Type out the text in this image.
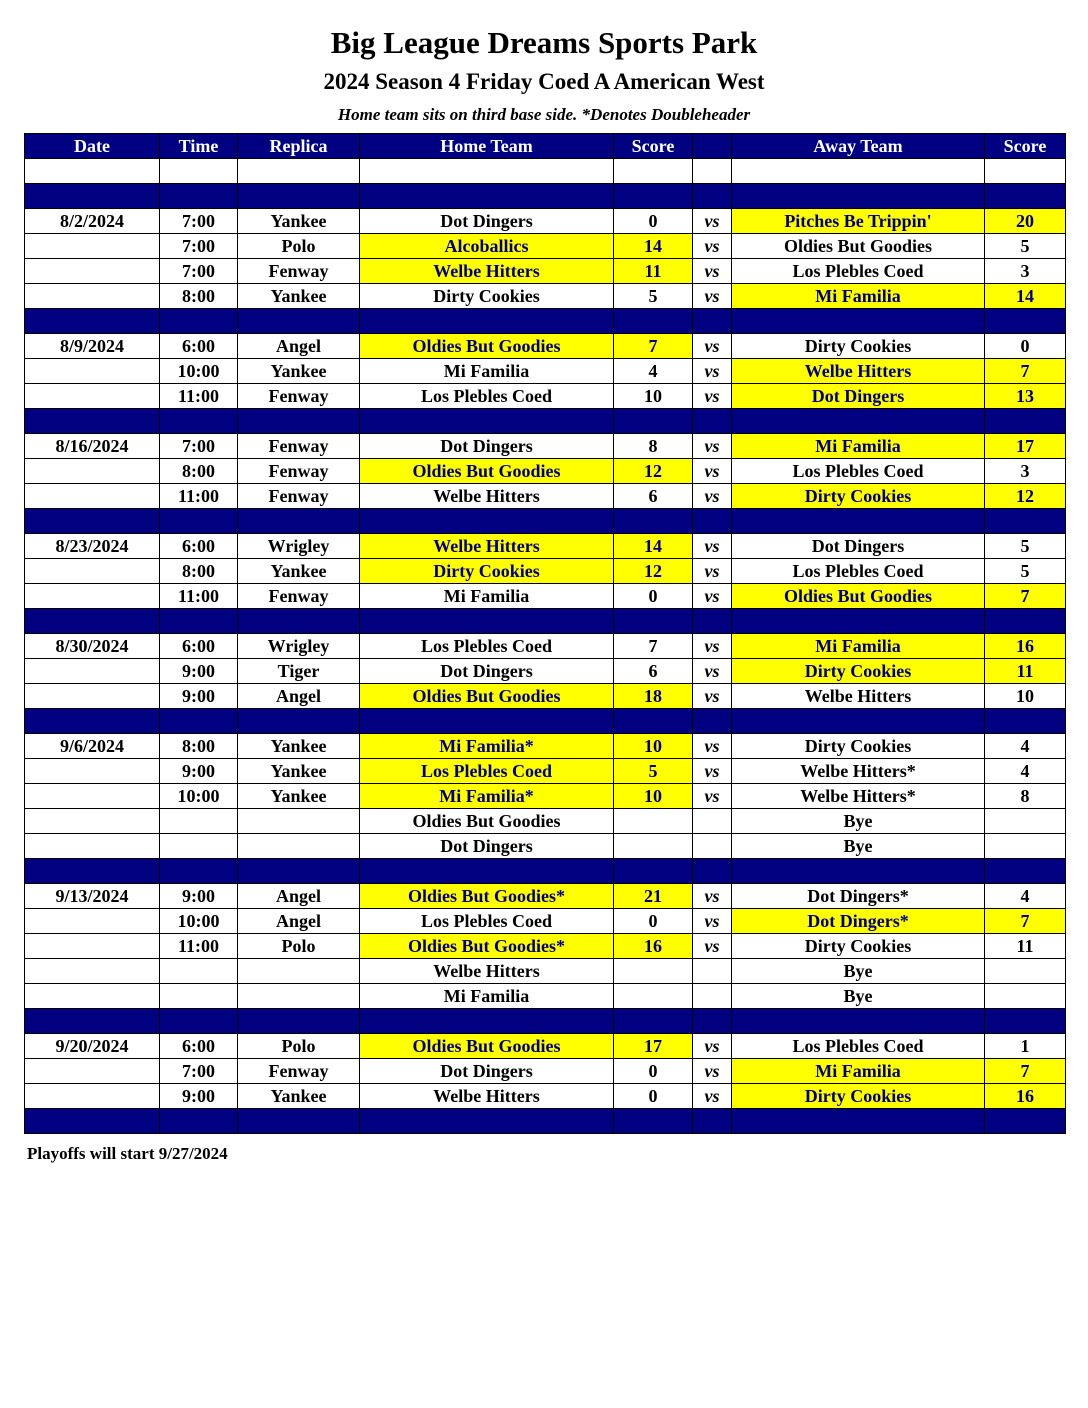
Big League Dreams Sports Park
2024 Season 4 Friday Coed A American West
Home team sits on third base side. *Denotes Doubleheader
Date	Time	Replica	Home Team	Score		Away Team	Score

8/2/2024	7:00	Yankee	Dot Dingers	0	vs	Pitches Be Trippin'	20
	7:00	Polo	Alcoballics	14	vs	Oldies But Goodies	5
	7:00	Fenway	Welbe Hitters	11	vs	Los Plebles Coed	3
	8:00	Yankee	Dirty Cookies	5	vs	Mi Familia	14

8/9/2024	6:00	Angel	Oldies But Goodies	7	vs	Dirty Cookies	0
	10:00	Yankee	Mi Familia	4	vs	Welbe Hitters	7
	11:00	Fenway	Los Plebles Coed	10	vs	Dot Dingers	13

8/16/2024	7:00	Fenway	Dot Dingers	8	vs	Mi Familia	17
	8:00	Fenway	Oldies But Goodies	12	vs	Los Plebles Coed	3
	11:00	Fenway	Welbe Hitters	6	vs	Dirty Cookies	12

8/23/2024	6:00	Wrigley	Welbe Hitters	14	vs	Dot Dingers	5
	8:00	Yankee	Dirty Cookies	12	vs	Los Plebles Coed	5
	11:00	Fenway	Mi Familia	0	vs	Oldies But Goodies	7

8/30/2024	6:00	Wrigley	Los Plebles Coed	7	vs	Mi Familia	16
	9:00	Tiger	Dot Dingers	6	vs	Dirty Cookies	11
	9:00	Angel	Oldies But Goodies	18	vs	Welbe Hitters	10

9/6/2024	8:00	Yankee	Mi Familia*	10	vs	Dirty Cookies	4
	9:00	Yankee	Los Plebles Coed	5	vs	Welbe Hitters*	4
	10:00	Yankee	Mi Familia*	10	vs	Welbe Hitters*	8
			Oldies But Goodies			Bye	
			Dot Dingers			Bye	

9/13/2024	9:00	Angel	Oldies But Goodies*	21	vs	Dot Dingers*	4
	10:00	Angel	Los Plebles Coed	0	vs	Dot Dingers*	7
	11:00	Polo	Oldies But Goodies*	16	vs	Dirty Cookies	11
			Welbe Hitters			Bye	
			Mi Familia			Bye	

9/20/2024	6:00	Polo	Oldies But Goodies	17	vs	Los Plebles Coed	1
	7:00	Fenway	Dot Dingers	0	vs	Mi Familia	7
	9:00	Yankee	Welbe Hitters	0	vs	Dirty Cookies	16

Playoffs will start 9/27/2024
